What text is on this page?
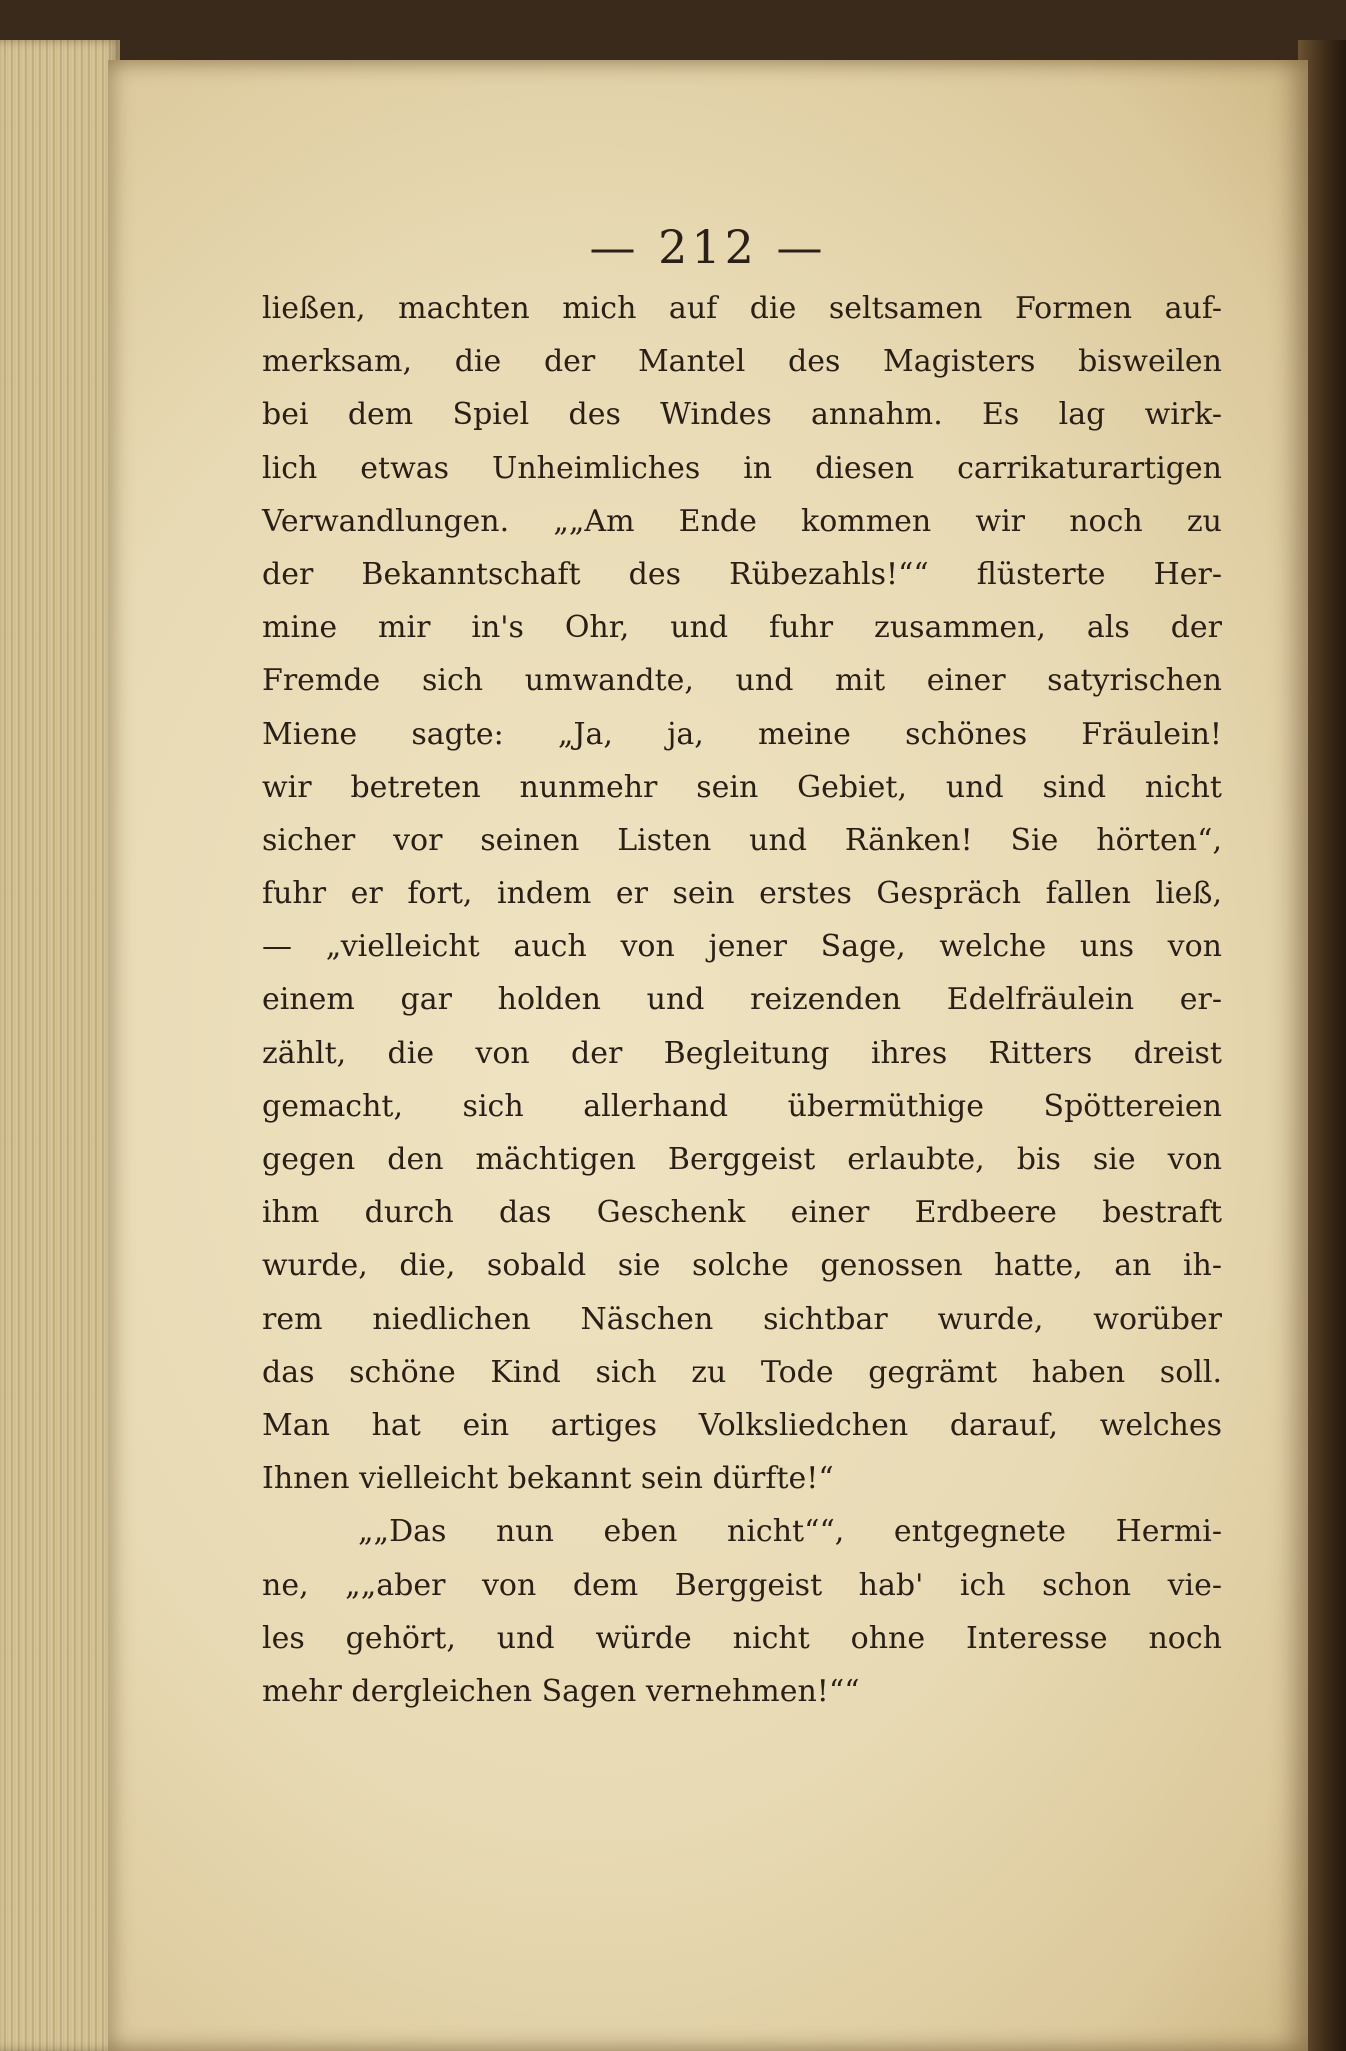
— 212 —
ließen, machten mich auf die seltsamen Formen auf-
merksam, die der Mantel des Magisters bisweilen
bei dem Spiel des Windes annahm. Es lag wirk-
lich etwas Unheimliches in diesen carrikaturartigen
Verwandlungen. „„Am Ende kommen wir noch zu
der Bekanntschaft des Rübezahls!““ flüsterte Her-
mine mir in's Ohr, und fuhr zusammen, als der
Fremde sich umwandte, und mit einer satyrischen
Miene sagte: „Ja, ja, meine schönes Fräulein!
wir betreten nunmehr sein Gebiet, und sind nicht
sicher vor seinen Listen und Ränken! Sie hörten“,
fuhr er fort, indem er sein erstes Gespräch fallen ließ,
— „vielleicht auch von jener Sage, welche uns von
einem gar holden und reizenden Edelfräulein er-
zählt, die von der Begleitung ihres Ritters dreist
gemacht, sich allerhand übermüthige Spöttereien
gegen den mächtigen Berggeist erlaubte, bis sie von
ihm durch das Geschenk einer Erdbeere bestraft
wurde, die, sobald sie solche genossen hatte, an ih-
rem niedlichen Näschen sichtbar wurde, worüber
das schöne Kind sich zu Tode gegrämt haben soll.
Man hat ein artiges Volksliedchen darauf, welches
Ihnen vielleicht bekannt sein dürfte!“
„„Das nun eben nicht““, entgegnete Hermi-
ne, „„aber von dem Berggeist hab' ich schon vie-
les gehört, und würde nicht ohne Interesse noch
mehr dergleichen Sagen vernehmen!““
